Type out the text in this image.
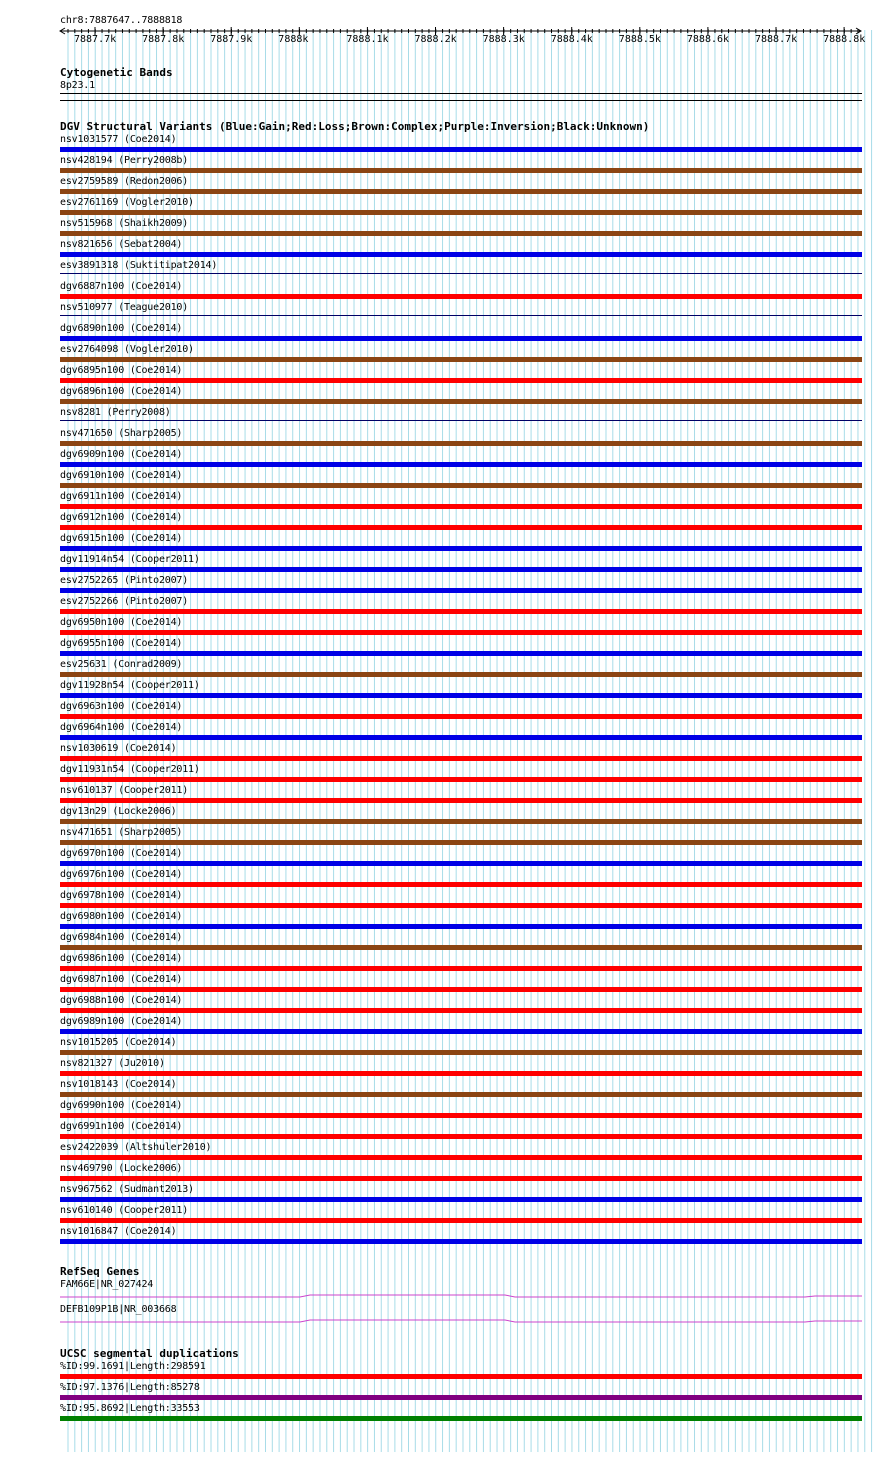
chr8:7887647..7888818
7887.7k	7887.8k	7887.9k	7888k	7888.1k	7888.2k	7888.3k	7888.4k	7888.5k	7888.6k	7888.7k	7888.8k
Cytogenetic Bands
8p23.1
DGV Structural Variants (Blue:Gain;Red:Loss;Brown:Complex;Purple:Inversion;Black:Unknown)
nsv1031577 (Coe2014)
nsv428194 (Perry2008b)
esv2759589 (Redon2006)
esv2761169 (Vogler2010)
nsv515968 (Shaikh2009)
nsv821656 (Sebat2004)
esv3891318 (Suktitipat2014)
dgv6887n100 (Coe2014)
nsv510977 (Teague2010)
dgv6890n100 (Coe2014)
esv2764098 (Vogler2010)
dgv6895n100 (Coe2014)
dgv6896n100 (Coe2014)
nsv8281 (Perry2008)
nsv471650 (Sharp2005)
dgv6909n100 (Coe2014)
dgv6910n100 (Coe2014)
dgv6911n100 (Coe2014)
dgv6912n100 (Coe2014)
dgv6915n100 (Coe2014)
dgv11914n54 (Cooper2011)
esv2752265 (Pinto2007)
esv2752266 (Pinto2007)
dgv6950n100 (Coe2014)
dgv6955n100 (Coe2014)
esv25631 (Conrad2009)
dgv11928n54 (Cooper2011)
dgv6963n100 (Coe2014)
dgv6964n100 (Coe2014)
nsv1030619 (Coe2014)
dgv11931n54 (Cooper2011)
nsv610137 (Cooper2011)
dgv13n29 (Locke2006)
nsv471651 (Sharp2005)
dgv6970n100 (Coe2014)
dgv6976n100 (Coe2014)
dgv6978n100 (Coe2014)
dgv6980n100 (Coe2014)
dgv6984n100 (Coe2014)
dgv6986n100 (Coe2014)
dgv6987n100 (Coe2014)
dgv6988n100 (Coe2014)
dgv6989n100 (Coe2014)
nsv1015205 (Coe2014)
nsv821327 (Ju2010)
nsv1018143 (Coe2014)
dgv6990n100 (Coe2014)
dgv6991n100 (Coe2014)
esv2422039 (Altshuler2010)
nsv469790 (Locke2006)
nsv967562 (Sudmant2013)
nsv610140 (Cooper2011)
nsv1016847 (Coe2014)
RefSeq Genes
FAM66E|NR_027424
DEFB109P1B|NR_003668
UCSC segmental duplications
%ID:99.1691|Length:298591
%ID:97.1376|Length:85278
%ID:95.8692|Length:33553
